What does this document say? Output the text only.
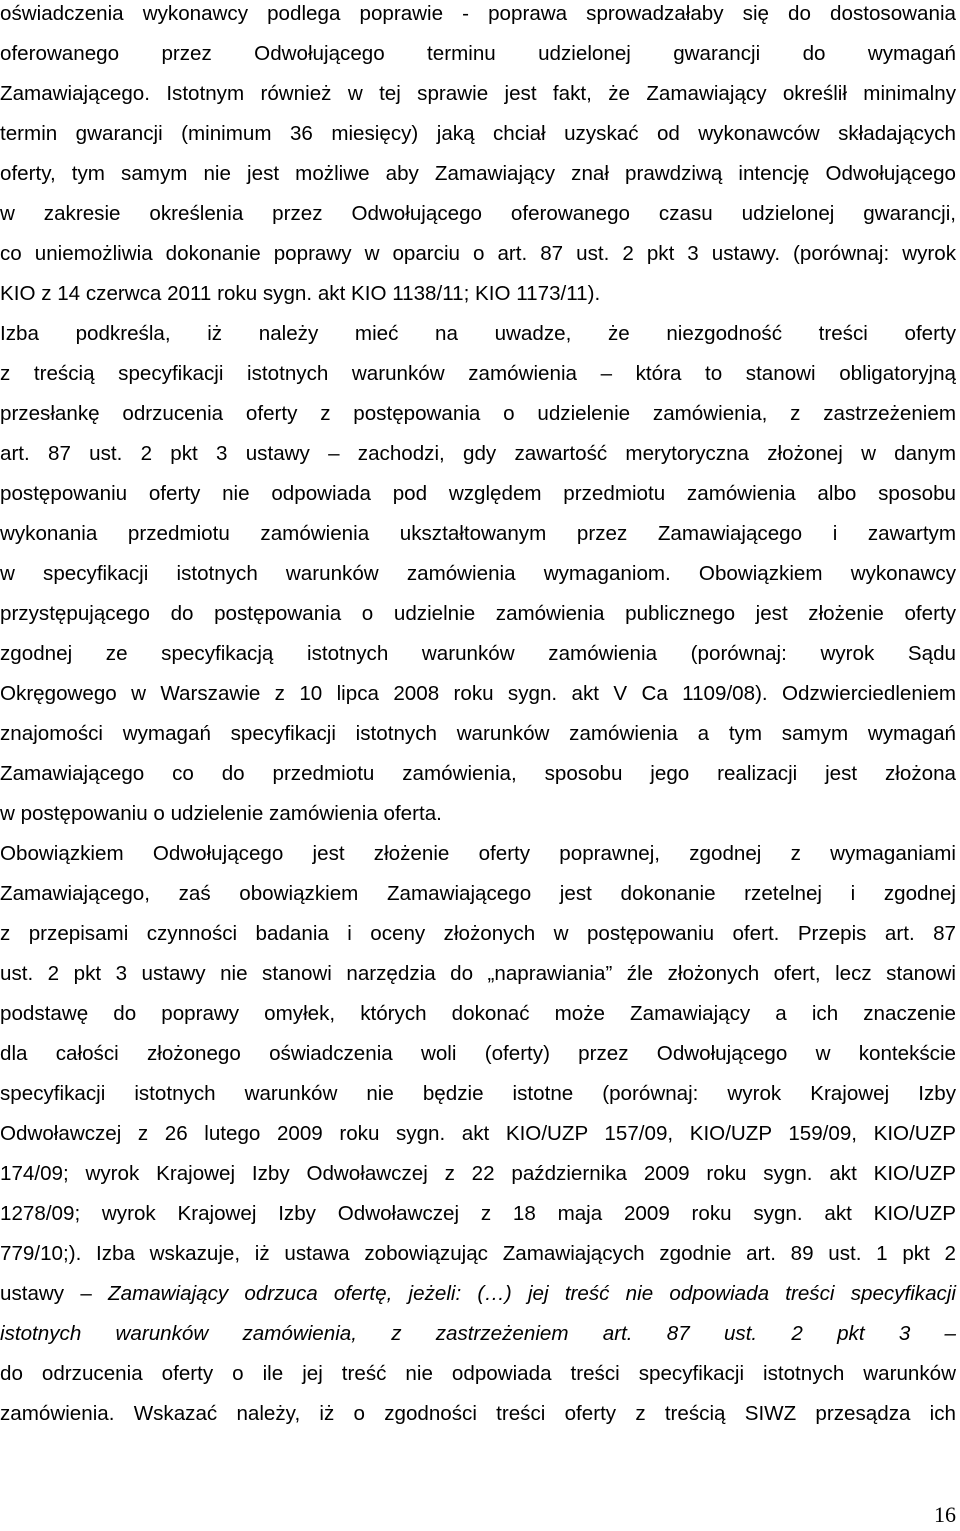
oświadczenia wykonawcy podlega poprawie - poprawa sprowadzałaby się do dostosowania
oferowanego przez Odwołującego terminu udzielonej gwarancji do wymagań
Zamawiającego. Istotnym również w tej sprawie jest fakt, że Zamawiający określił minimalny
termin gwarancji (minimum 36 miesięcy) jaką chciał uzyskać od wykonawców składających
oferty, tym samym nie jest możliwe aby Zamawiający znał prawdziwą intencję Odwołującego
w zakresie określenia przez Odwołującego oferowanego czasu udzielonej gwarancji,
co uniemożliwia dokonanie poprawy w oparciu o art. 87 ust. 2 pkt 3 ustawy. (porównaj: wyrok
KIO z 14 czerwca 2011 roku sygn. akt KIO 1138/11; KIO 1173/11).
Izba podkreśla, iż należy mieć na uwadze, że niezgodność treści oferty
z treścią specyfikacji istotnych warunków zamówienia – która to stanowi obligatoryjną
przesłankę odrzucenia oferty z postępowania o udzielenie zamówienia, z zastrzeżeniem
art. 87 ust. 2 pkt 3 ustawy – zachodzi, gdy zawartość merytoryczna złożonej w danym
postępowaniu oferty nie odpowiada pod względem przedmiotu zamówienia albo sposobu
wykonania przedmiotu zamówienia ukształtowanym przez Zamawiającego i zawartym
w specyfikacji istotnych warunków zamówienia wymaganiom. Obowiązkiem wykonawcy
przystępującego do postępowania o udzielnie zamówienia publicznego jest złożenie oferty
zgodnej ze specyfikacją istotnych warunków zamówienia (porównaj: wyrok Sądu
Okręgowego w Warszawie z 10 lipca 2008 roku sygn. akt V Ca 1109/08). Odzwierciedleniem
znajomości wymagań specyfikacji istotnych warunków zamówienia a tym samym wymagań
Zamawiającego co do przedmiotu zamówienia, sposobu jego realizacji jest złożona
w postępowaniu o udzielenie zamówienia oferta.
Obowiązkiem Odwołującego jest złożenie oferty poprawnej, zgodnej z wymaganiami
Zamawiającego, zaś obowiązkiem Zamawiającego jest dokonanie rzetelnej i zgodnej
z przepisami czynności badania i oceny złożonych w postępowaniu ofert. Przepis art. 87
ust. 2 pkt 3 ustawy nie stanowi narzędzia do „naprawiania” źle złożonych ofert, lecz stanowi
podstawę do poprawy omyłek, których dokonać może Zamawiający a ich znaczenie
dla całości złożonego oświadczenia woli (oferty) przez Odwołującego w kontekście
specyfikacji istotnych warunków nie będzie istotne (porównaj: wyrok Krajowej Izby
Odwoławczej z 26 lutego 2009 roku sygn. akt KIO/UZP 157/09, KIO/UZP 159/09, KIO/UZP
174/09; wyrok Krajowej Izby Odwoławczej z 22 października 2009 roku sygn. akt KIO/UZP
1278/09; wyrok Krajowej Izby Odwoławczej z 18 maja 2009 roku sygn. akt KIO/UZP
779/10;). Izba wskazuje, iż ustawa zobowiązując Zamawiających zgodnie art. 89 ust. 1 pkt 2
ustawy – Zamawiający odrzuca ofertę, jeżeli: (…) jej treść nie odpowiada treści specyfikacji
istotnych warunków zamówienia, z zastrzeżeniem art. 87 ust. 2 pkt 3 –
do odrzucenia oferty o ile jej treść nie odpowiada treści specyfikacji istotnych warunków
zamówienia. Wskazać należy, iż o zgodności treści oferty z treścią SIWZ przesądza ich
16
